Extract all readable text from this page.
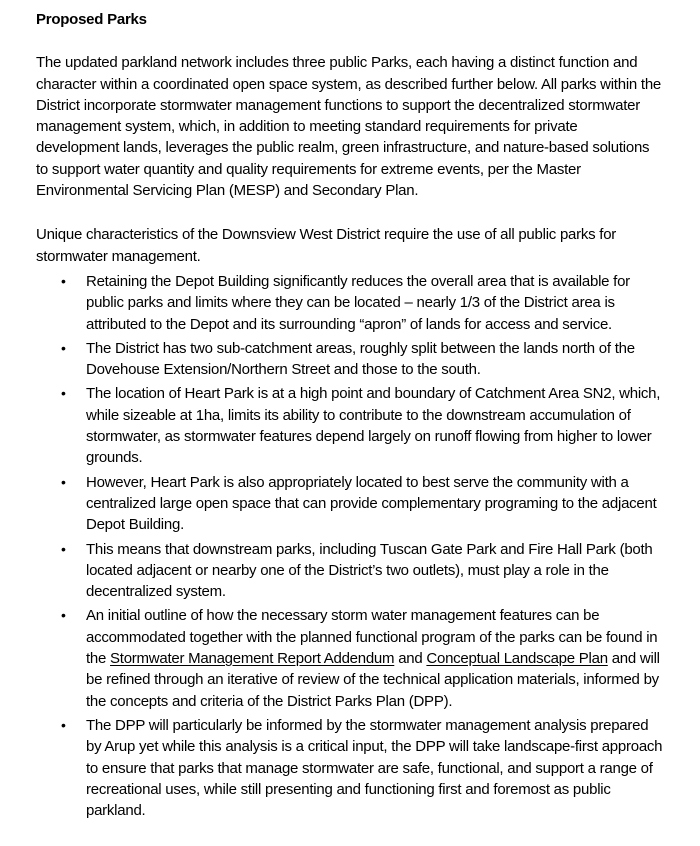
Proposed Parks

The updated parkland network includes three public Parks, each having a distinct function and character within a coordinated open space system, as described further below. All parks within the District incorporate stormwater management functions to support the decentralized stormwater management system, which, in addition to meeting standard requirements for private development lands, leverages the public realm, green infrastructure, and nature-based solutions to support water quantity and quality requirements for extreme events, per the Master Environmental Servicing Plan (MESP) and Secondary Plan.

Unique characteristics of the Downsview West District require the use of all public parks for stormwater management.

•	Retaining the Depot Building significantly reduces the overall area that is available for public parks and limits where they can be located – nearly 1/3 of the District area is attributed to the Depot and its surrounding “apron” of lands for access and service.
•	The District has two sub-catchment areas, roughly split between the lands north of the Dovehouse Extension/Northern Street and those to the south.
•	The location of Heart Park is at a high point and boundary of Catchment Area SN2, which, while sizeable at 1ha, limits its ability to contribute to the downstream accumulation of stormwater, as stormwater features depend largely on runoff flowing from higher to lower grounds.
•	However, Heart Park is also appropriately located to best serve the community with a centralized large open space that can provide complementary programing to the adjacent Depot Building.
•	This means that downstream parks, including Tuscan Gate Park and Fire Hall Park (both located adjacent or nearby one of the District’s two outlets), must play a role in the decentralized system.
•	An initial outline of how the necessary storm water management features can be accommodated together with the planned functional program of the parks can be found in the Stormwater Management Report Addendum and Conceptual Landscape Plan and will be refined through an iterative of review of the technical application materials, informed by the concepts and criteria of the District Parks Plan (DPP).
•	The DPP will particularly be informed by the stormwater management analysis prepared by Arup yet while this analysis is a critical input, the DPP will take landscape-first approach to ensure that parks that manage stormwater are safe, functional, and support a range of recreational uses, while still presenting and functioning first and foremost as public parkland.
